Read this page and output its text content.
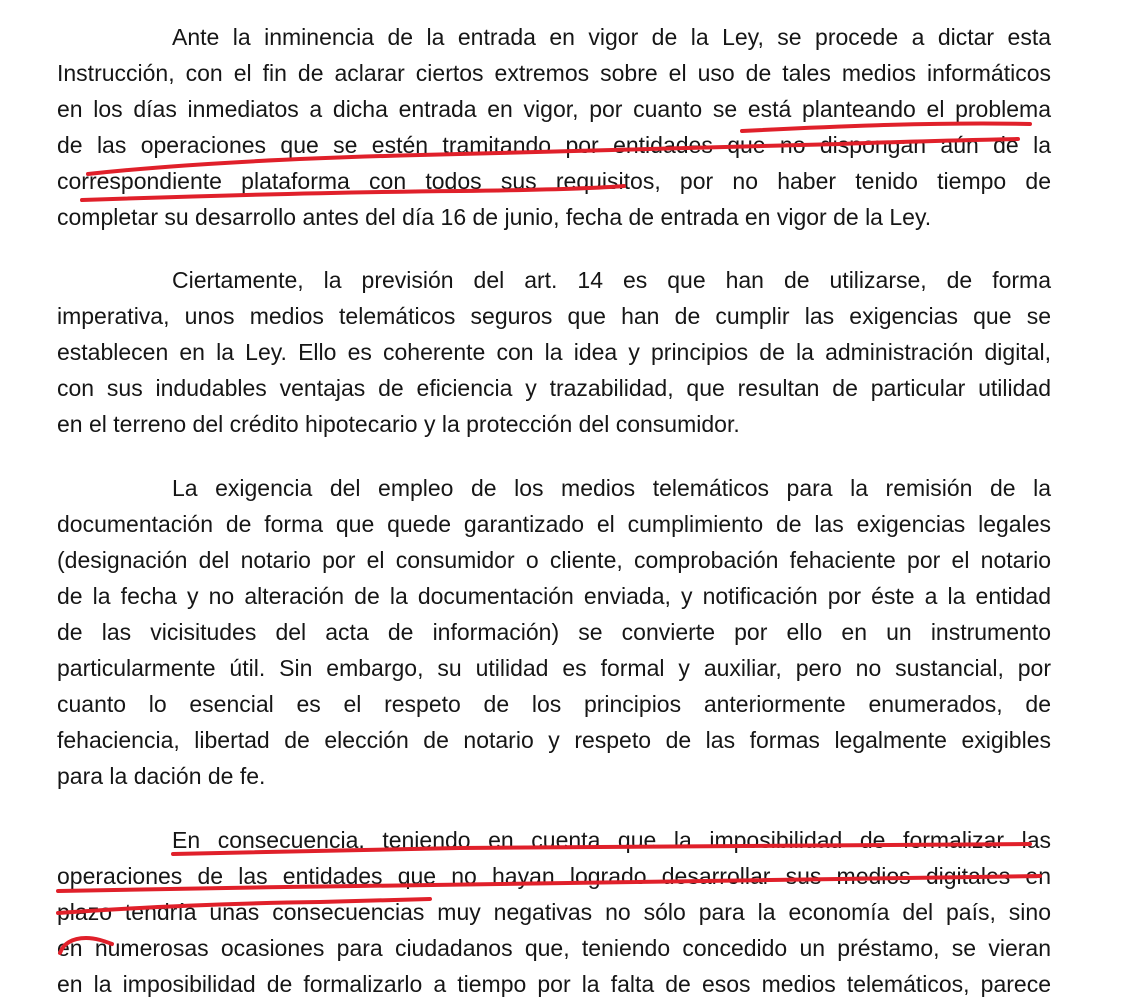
Ante la inminencia de la entrada en vigor de la Ley, se procede a dictar esta
Instrucción, con el fin de aclarar ciertos extremos sobre el uso de tales medios informáticos
en los días inmediatos a dicha entrada en vigor, por cuanto se está planteando el problema
de las operaciones que se estén tramitando por entidades que no dispongan aún de la
correspondiente plataforma con todos sus requisitos, por no haber tenido tiempo de
completar su desarrollo antes del día 16 de junio, fecha de entrada en vigor de la Ley.
Ciertamente, la previsión del art. 14 es que han de utilizarse, de forma
imperativa, unos medios telemáticos seguros que han de cumplir las exigencias que se
establecen en la Ley. Ello es coherente con la idea y principios de la administración digital,
con sus indudables ventajas de eficiencia y trazabilidad, que resultan de particular utilidad
en el terreno del crédito hipotecario y la protección del consumidor.
La exigencia del empleo de los medios telemáticos para la remisión de la
documentación de forma que quede garantizado el cumplimiento de las exigencias legales
(designación del notario por el consumidor o cliente, comprobación fehaciente por el notario
de la fecha y no alteración de la documentación enviada, y notificación por éste a la entidad
de las vicisitudes del acta de información) se convierte por ello en un instrumento
particularmente útil. Sin embargo, su utilidad es formal y auxiliar, pero no sustancial, por
cuanto lo esencial es el respeto de los principios anteriormente enumerados, de
fehaciencia, libertad de elección de notario y respeto de las formas legalmente exigibles
para la dación de fe.
En consecuencia, teniendo en cuenta que la imposibilidad de formalizar las
operaciones de las entidades que no hayan logrado desarrollar sus medios digitales en
plazo tendría unas consecuencias muy negativas no sólo para la economía del país, sino
en numerosas ocasiones para ciudadanos que, teniendo concedido un préstamo, se vieran
en la imposibilidad de formalizarlo a tiempo por la falta de esos medios telemáticos, parece
